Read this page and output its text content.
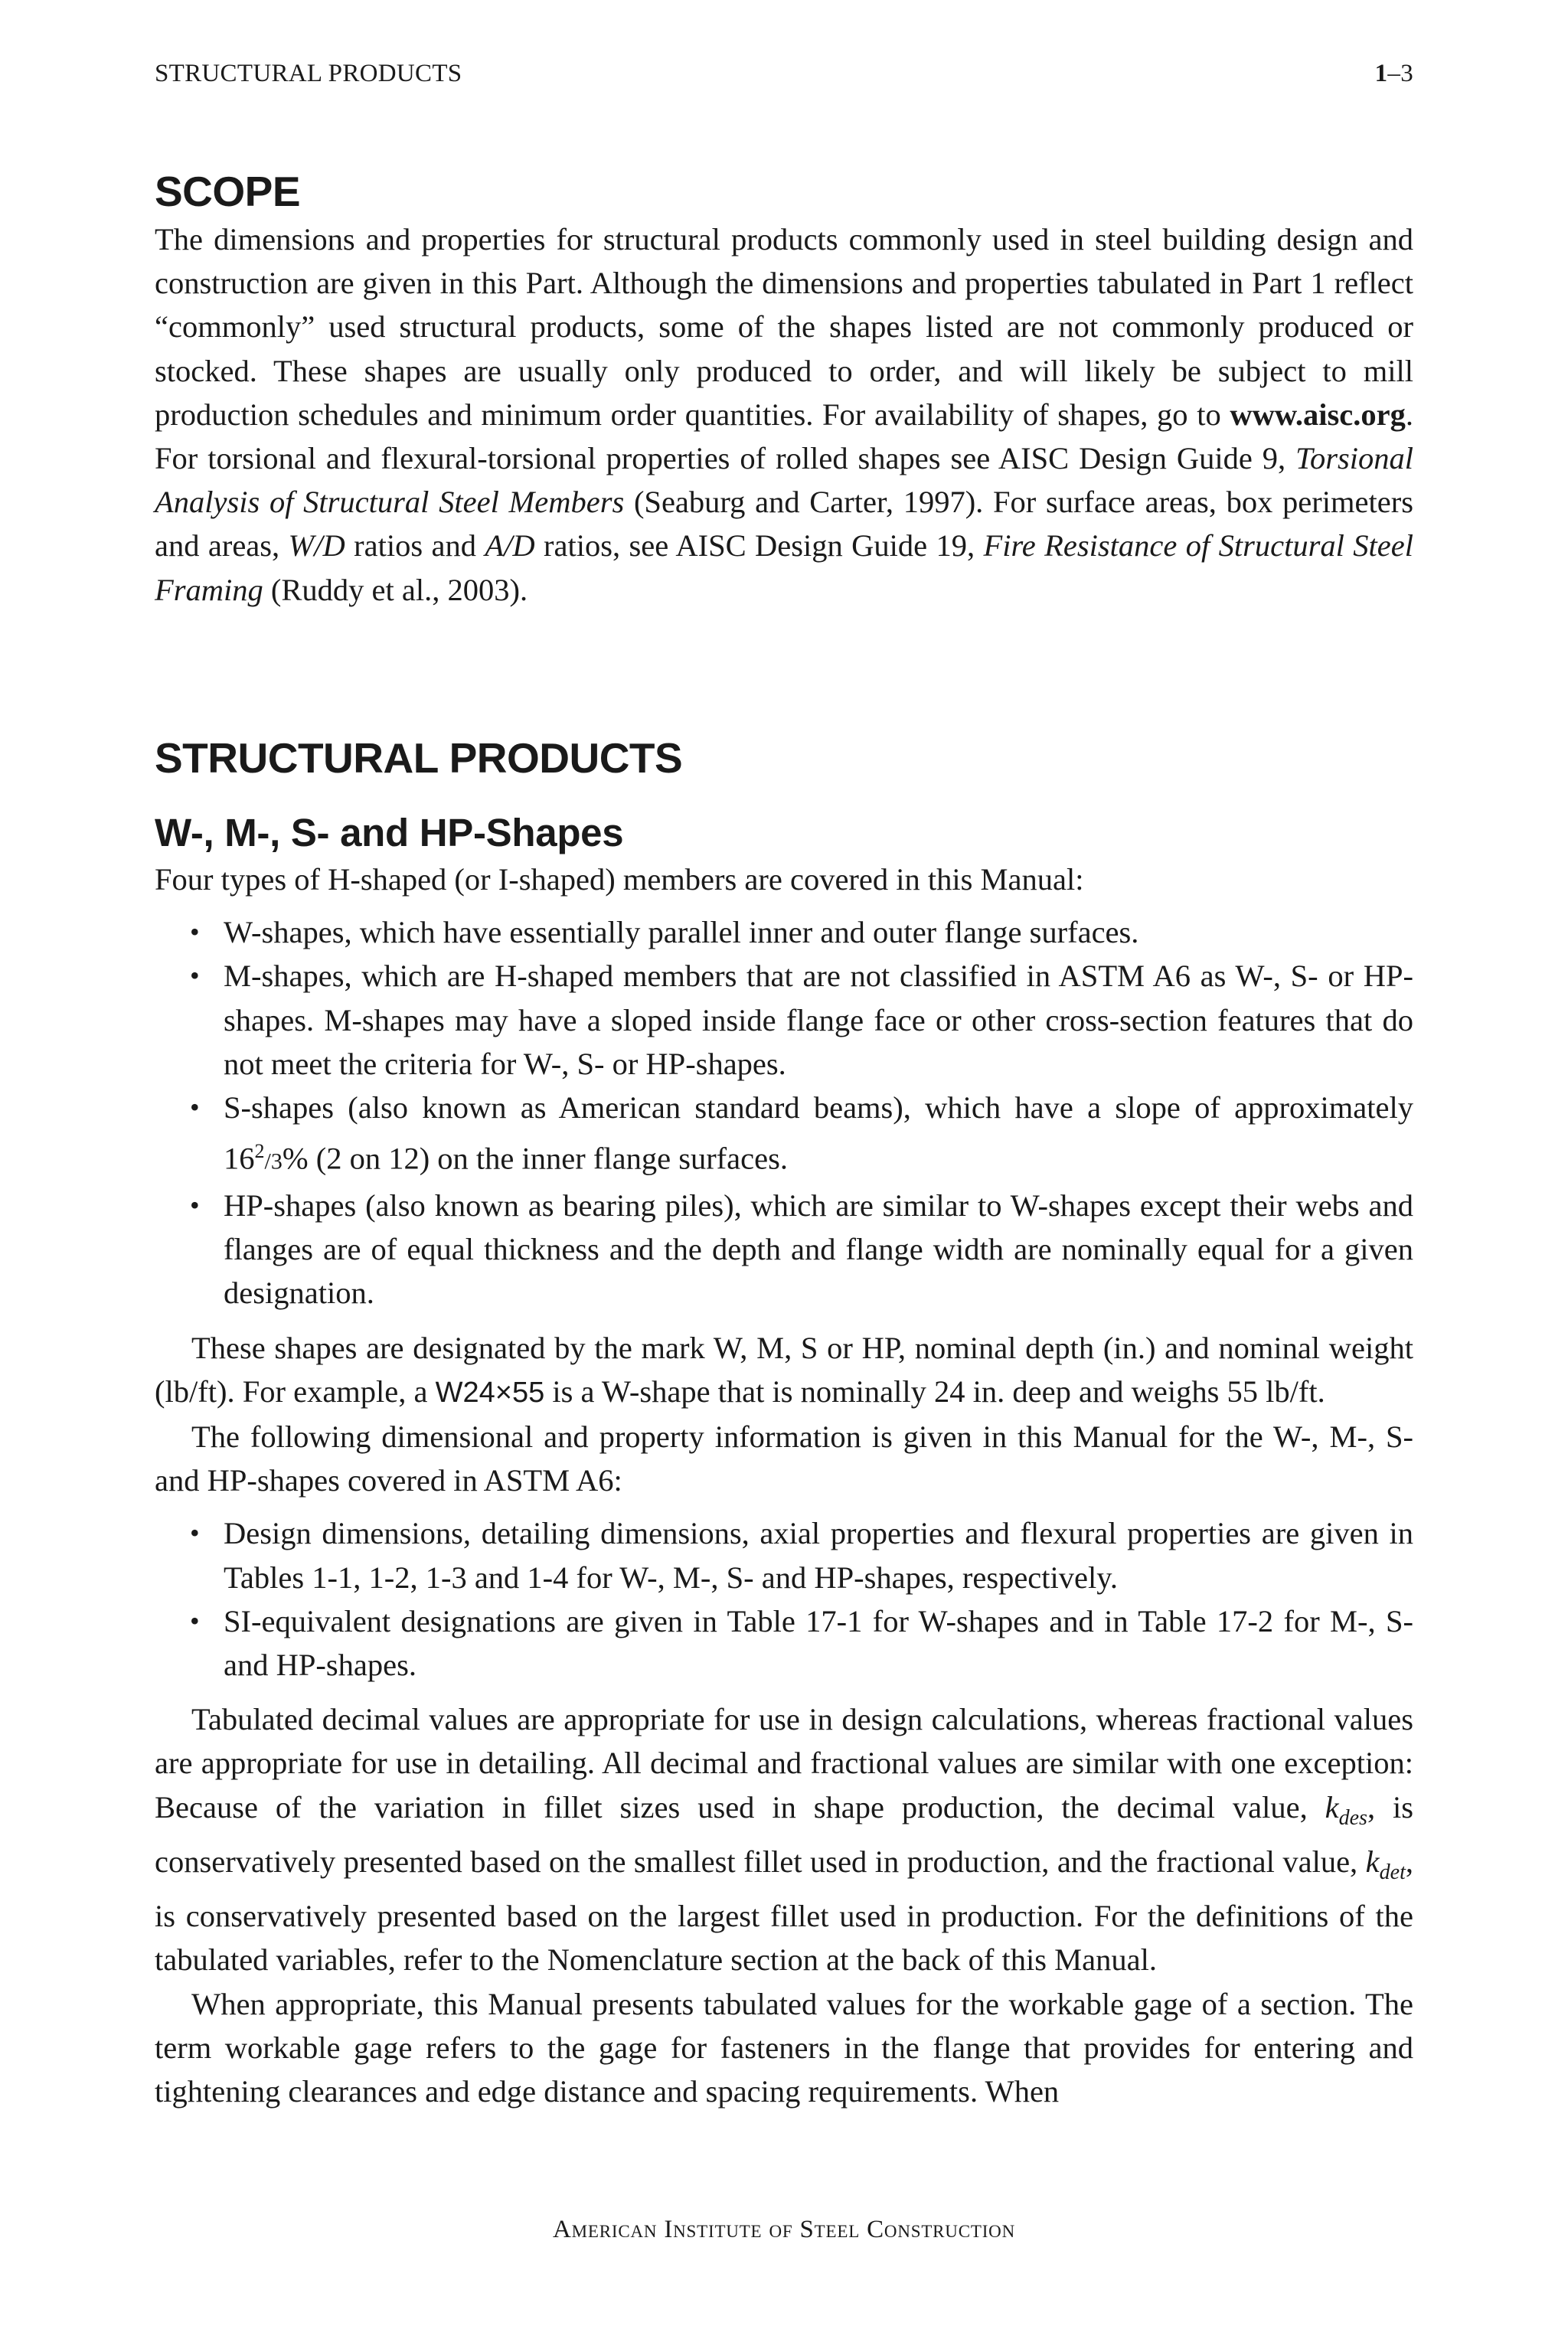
STRUCTURAL PRODUCTS	1–3
SCOPE

The dimensions and properties for structural products commonly used in steel building design and construction are given in this Part. Although the dimensions and properties tabulated in Part 1 reflect “commonly” used structural products, some of the shapes listed are not commonly produced or stocked. These shapes are usually only produced to order, and will likely be subject to mill production schedules and minimum order quantities. For availability of shapes, go to www.aisc.org. For torsional and flexural-torsional properties of rolled shapes see AISC Design Guide 9, Torsional Analysis of Structural Steel Members (Seaburg and Carter, 1997). For surface areas, box perimeters and areas, W/D ratios and A/D ratios, see AISC Design Guide 19, Fire Resistance of Structural Steel Framing (Ruddy et al., 2003).

STRUCTURAL PRODUCTS
W-, M-, S- and HP-Shapes

Four types of H-shaped (or I-shaped) members are covered in this Manual:

• W-shapes, which have essentially parallel inner and outer flange surfaces.
• M-shapes, which are H-shaped members that are not classified in ASTM A6 as W-, S- or HP-shapes. M-shapes may have a sloped inside flange face or other cross-section features that do not meet the criteria for W-, S- or HP-shapes.
• S-shapes (also known as American standard beams), which have a slope of approximately $16^2/3\%$ (2 on 12) on the inner flange surfaces.
• HP-shapes (also known as bearing piles), which are similar to W-shapes except their webs and flanges are of equal thickness and the depth and flange width are nominally equal for a given designation.

These shapes are designated by the mark W, M, S or HP, nominal depth (in.) and nominal weight (lb/ft). For example, a W24×55 is a W-shape that is nominally 24 in. deep and weighs 55 lb/ft.

The following dimensional and property information is given in this Manual for the W-, M-, S- and HP-shapes covered in ASTM A6:

• Design dimensions, detailing dimensions, axial properties and flexural properties are given in Tables 1-1, 1-2, 1-3 and 1-4 for W-, M-, S- and HP-shapes, respectively.
• SI-equivalent designations are given in Table 17-1 for W-shapes and in Table 17-2 for M-, S- and HP-shapes.

Tabulated decimal values are appropriate for use in design calculations, whereas fractional values are appropriate for use in detailing. All decimal and fractional values are similar with one exception: Because of the variation in fillet sizes used in shape production, the decimal value, $k_{des}$, is conservatively presented based on the smallest fillet used in production, and the fractional value, $k_{det}$, is conservatively presented based on the largest fillet used in production. For the definitions of the tabulated variables, refer to the Nomenclature section at the back of this Manual.

When appropriate, this Manual presents tabulated values for the workable gage of a section. The term workable gage refers to the gage for fasteners in the flange that provides for entering and tightening clearances and edge distance and spacing requirements. When

American Institute of Steel Construction
